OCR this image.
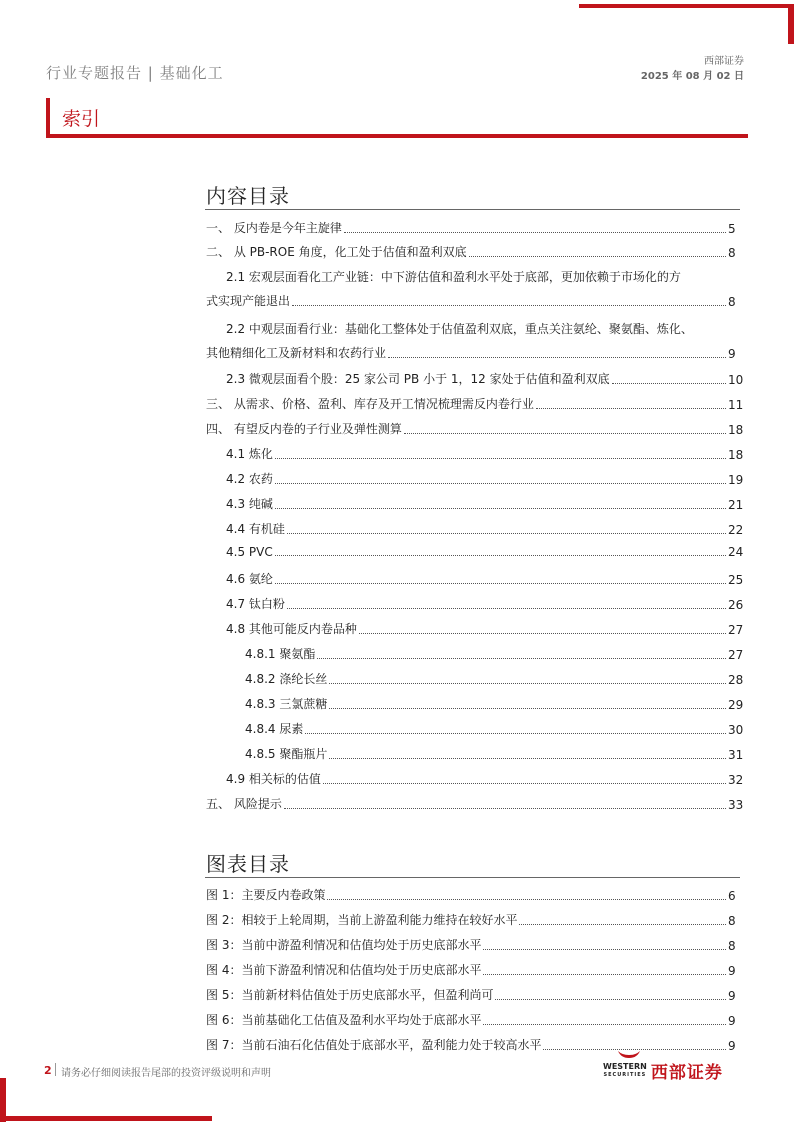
行业专题报告 | 基础化工
西部证券
2025 年 08 月 02 日
索引
内容目录
一、 反内卷是今年主旋律	5
二、 从 PB-ROE 角度，化工处于估值和盈利双底	8
2.1 宏观层面看化工产业链：中下游估值和盈利水平处于底部，更加依赖于市场化的方
式实现产能退出	8
2.2 中观层面看行业：基础化工整体处于估值盈利双底，重点关注氨纶、聚氨酯、炼化、
其他精细化工及新材料和农药行业	9
2.3 微观层面看个股：25 家公司 PB 小于 1，12 家处于估值和盈利双底	10
三、 从需求、价格、盈利、库存及开工情况梳理需反内卷行业	11
四、 有望反内卷的子行业及弹性测算	18
4.1 炼化	18
4.2 农药	19
4.3 纯碱	21
4.4 有机硅	22
4.5 PVC	24
4.6 氨纶	25
4.7 钛白粉	26
4.8 其他可能反内卷品种	27
4.8.1 聚氨酯	27
4.8.2 涤纶长丝	28
4.8.3 三氯蔗糖	29
4.8.4 尿素	30
4.8.5 聚酯瓶片	31
4.9 相关标的估值	32
五、 风险提示	33
图表目录
图 1：主要反内卷政策	6
图 2：相较于上轮周期，当前上游盈利能力维持在较好水平	8
图 3：当前中游盈利情况和估值均处于历史底部水平	8
图 4：当前下游盈利情况和估值均处于历史底部水平	9
图 5：当前新材料估值处于历史底部水平，但盈利尚可	9
图 6：当前基础化工估值及盈利水平均处于底部水平	9
图 7：当前石油石化估值处于底部水平，盈利能力处于较高水平	9
2 请务必仔细阅读报告尾部的投资评级说明和声明
WESTERN
SECURITIES 西部证券
